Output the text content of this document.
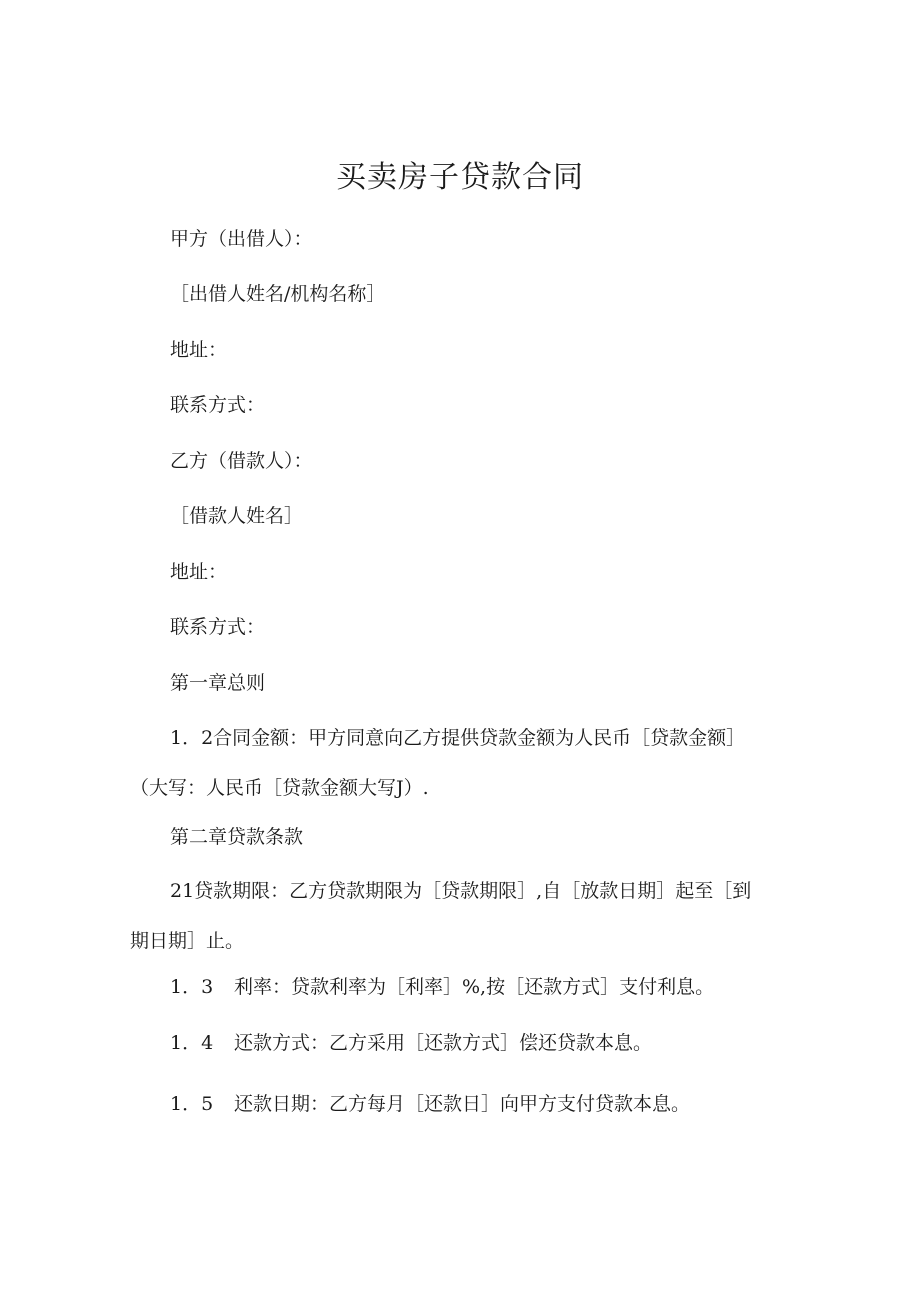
买卖房子贷款合同
甲方（出借人）：
［出借人姓名/机构名称］
地址：
联系方式：
乙方（借款人）：
［借款人姓名］
地址：
联系方式：
第一章总则
1．2合同金额：甲方同意向乙方提供贷款金额为人民币［贷款金额］
（大写：人民币［贷款金额大写J）.
第二章贷款条款
21贷款期限：乙方贷款期限为［贷款期限］,自［放款日期］起至［到
期日期］止。
1．3 利率：贷款利率为［利率］%,按［还款方式］支付利息。
1．4 还款方式：乙方采用［还款方式］偿还贷款本息。
1．5 还款日期：乙方每月［还款日］向甲方支付贷款本息。
